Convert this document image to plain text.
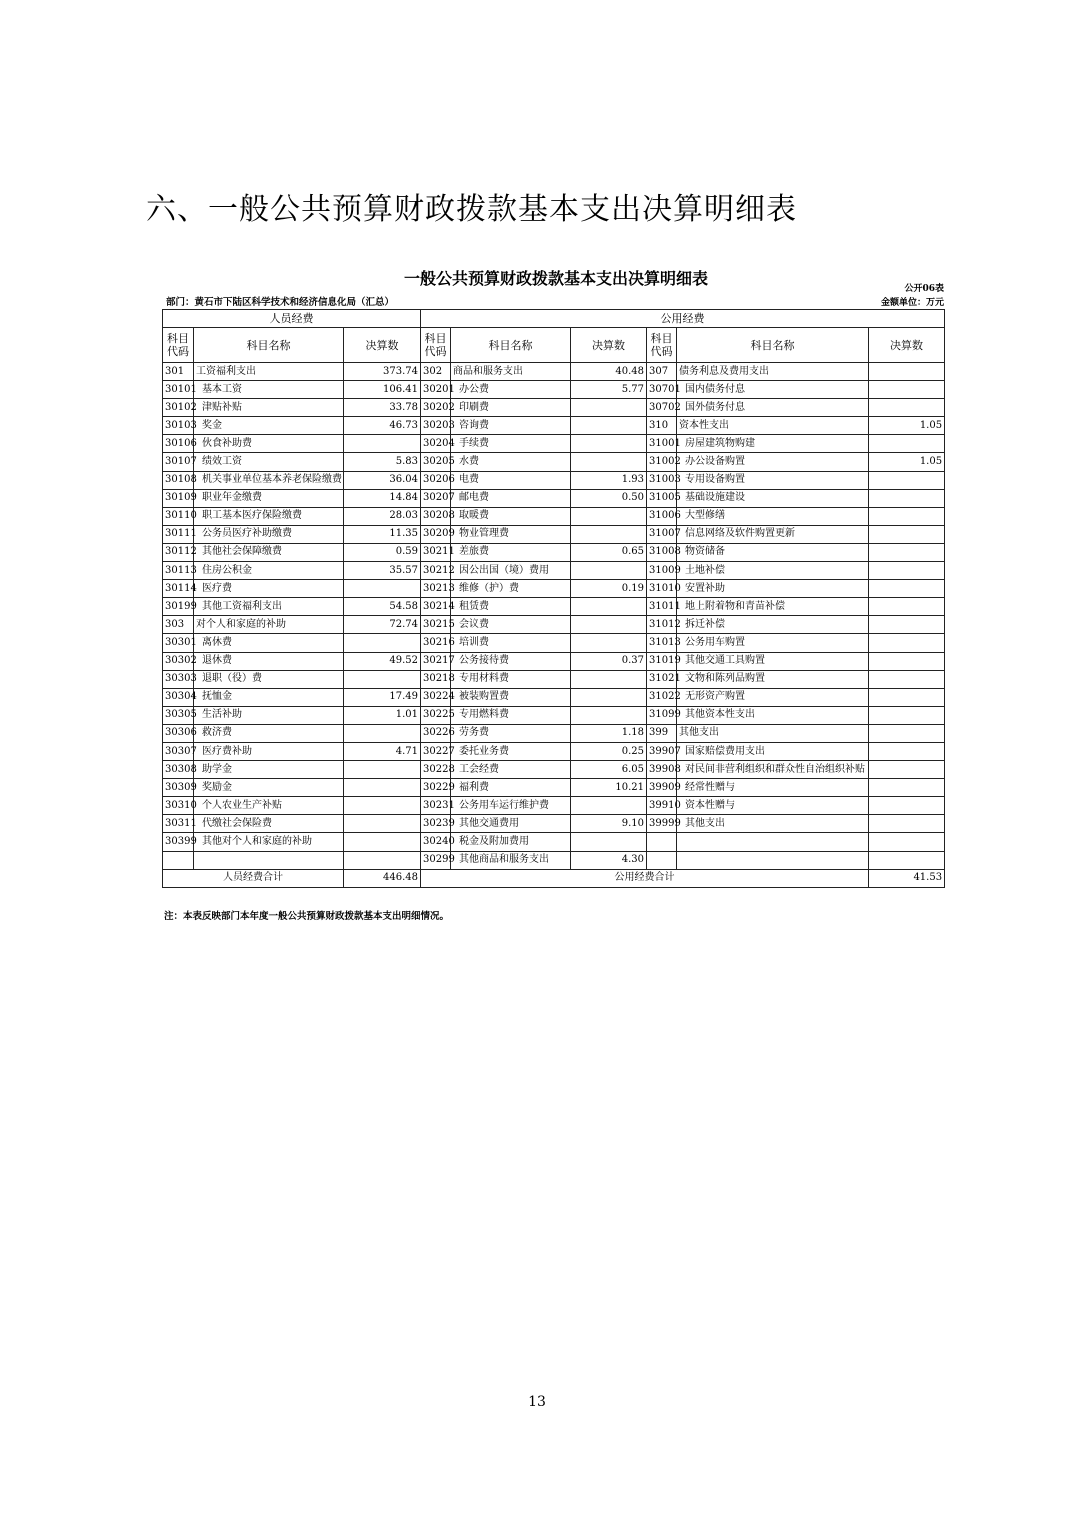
六、一般公共预算财政拨款基本支出决算明细表
一般公共预算财政拨款基本支出决算明细表
公开06表
部门：黄石市下陆区科学技术和经济信息化局（汇总）	金额单位：万元
人员经费			公用经费					
科目代码	科目名称	决算数	科目代码	科目名称	决算数	科目代码	科目名称	决算数
301	工资福利支出	373.74	302	商品和服务支出	40.48	307	债务利息及费用支出	
30101	基本工资	106.41	30201	办公费	5.77	30701	国内债务付息	
30102	津贴补贴	33.78	30202	印刷费		30702	国外债务付息	
30103	奖金	46.73	30203	咨询费		310	资本性支出	1.05
30106	伙食补助费		30204	手续费		31001	房屋建筑物购建	
30107	绩效工资	5.83	30205	水费		31002	办公设备购置	1.05
30108	机关事业单位基本养老保险缴费	36.04	30206	电费	1.93	31003	专用设备购置	
30109	职业年金缴费	14.84	30207	邮电费	0.50	31005	基础设施建设	
30110	职工基本医疗保险缴费	28.03	30208	取暖费		31006	大型修缮	
30111	公务员医疗补助缴费	11.35	30209	物业管理费		31007	信息网络及软件购置更新	
30112	其他社会保障缴费	0.59	30211	差旅费	0.65	31008	物资储备	
30113	住房公积金	35.57	30212	因公出国（境）费用		31009	土地补偿	
30114	医疗费		30213	维修（护）费	0.19	31010	安置补助	
30199	其他工资福利支出	54.58	30214	租赁费		31011	地上附着物和青苗补偿	
303	对个人和家庭的补助	72.74	30215	会议费		31012	拆迁补偿	
30301	离休费		30216	培训费		31013	公务用车购置	
30302	退休费	49.52	30217	公务接待费	0.37	31019	其他交通工具购置	
30303	退职（役）费		30218	专用材料费		31021	文物和陈列品购置	
30304	抚恤金	17.49	30224	被装购置费		31022	无形资产购置	
30305	生活补助	1.01	30225	专用燃料费		31099	其他资本性支出	
30306	救济费		30226	劳务费	1.18	399	其他支出	
30307	医疗费补助	4.71	30227	委托业务费	0.25	39907	国家赔偿费用支出	
30308	助学金		30228	工会经费	6.05	39908	对民间非营利组织和群众性自治组织补贴	
30309	奖励金		30229	福利费	10.21	39909	经常性赠与	
30310	个人农业生产补贴		30231	公务用车运行维护费		39910	资本性赠与	
30311	代缴社会保险费		30239	其他交通费用	9.10	39999	其他支出	
30399	其他对个人和家庭的补助		30240	税金及附加费用				
			30299	其他商品和服务支出	4.30			
人员经费合计		446.48	公用经费合计					41.53
注：本表反映部门本年度一般公共预算财政拨款基本支出明细情况。
13
